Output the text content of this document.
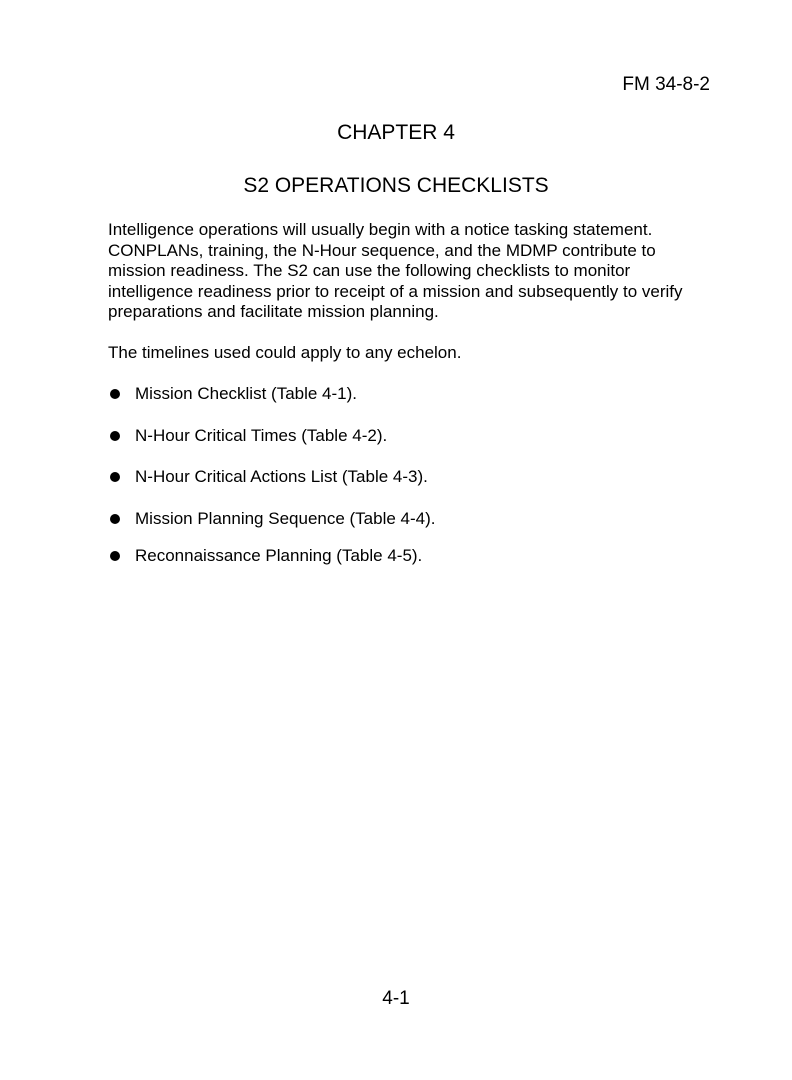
FM 34-8-2
CHAPTER 4
S2 OPERATIONS CHECKLISTS

Intelligence operations will usually begin with a notice tasking statement.
CONPLANs, training, the N-Hour sequence, and the MDMP contribute to
mission readiness. The S2 can use the following checklists to monitor
intelligence readiness prior to receipt of a mission and subsequently to verify
preparations and facilitate mission planning.

The timelines used could apply to any echelon.

Mission Checklist (Table 4-1).
N-Hour Critical Times (Table 4-2).
N-Hour Critical Actions List (Table 4-3).
Mission Planning Sequence (Table 4-4).
Reconnaissance Planning (Table 4-5).
4-1
